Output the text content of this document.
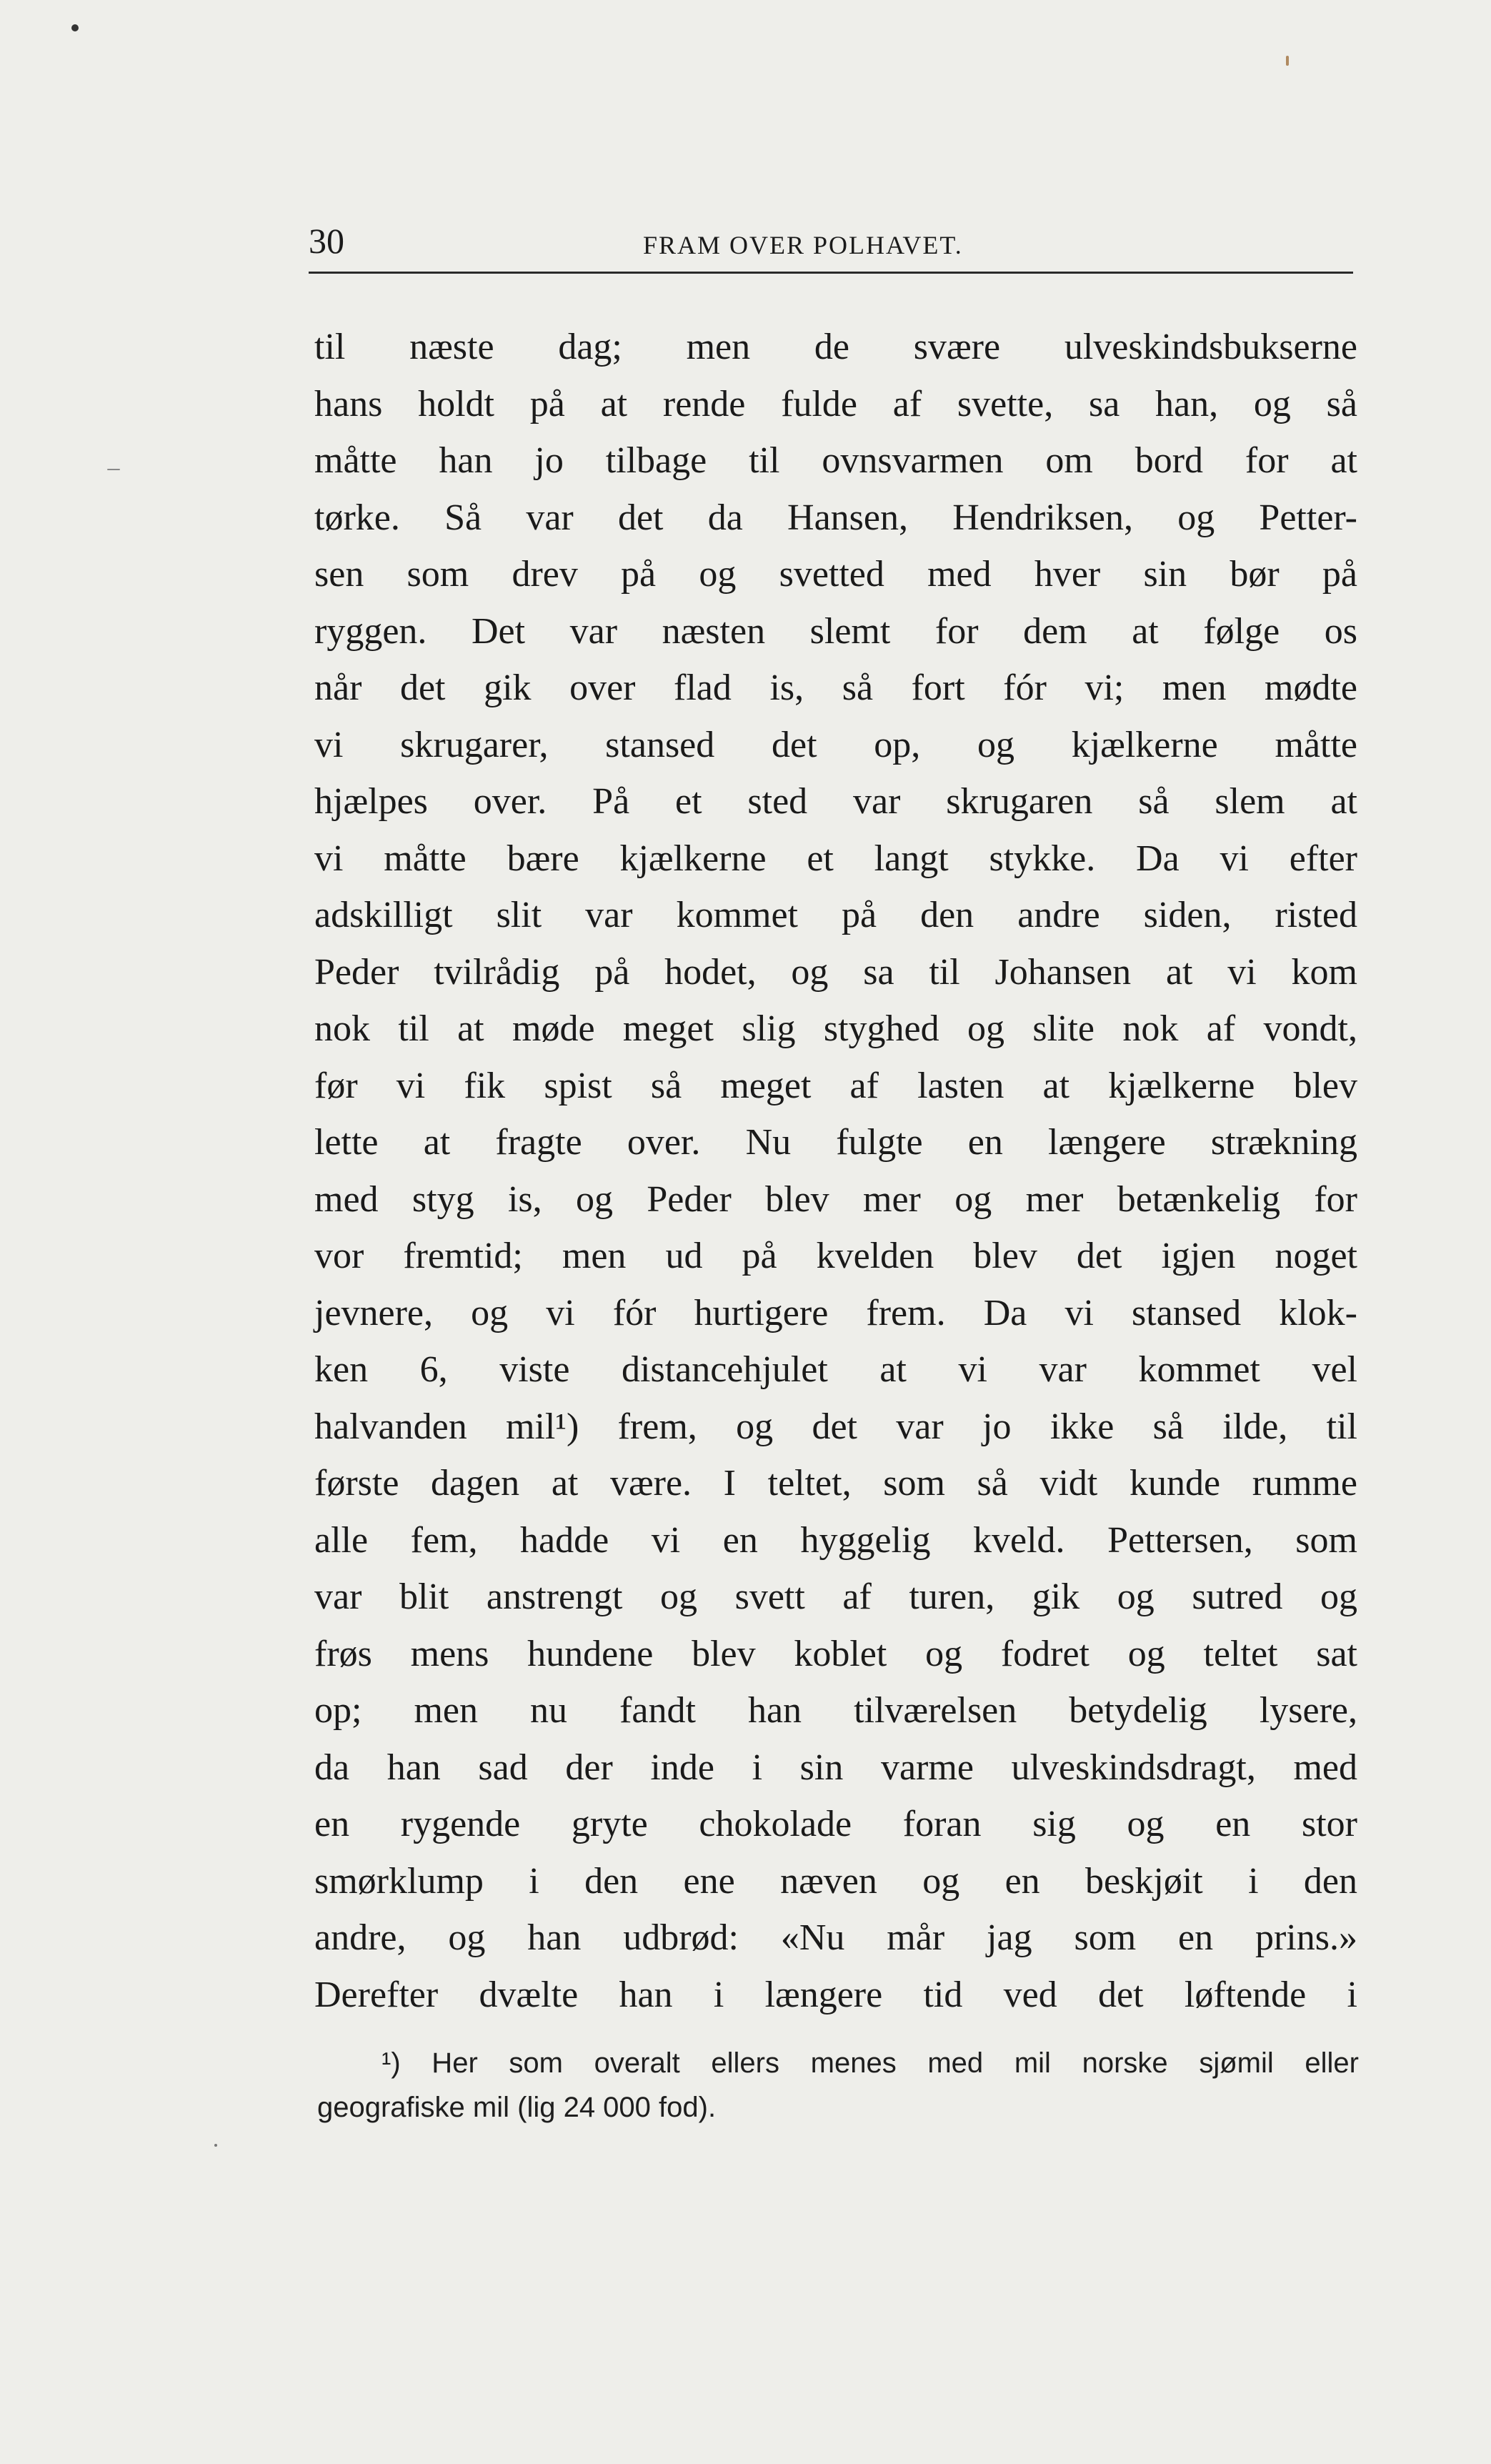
30	FRAM OVER POLHAVET.
til næste dag; men de svære ulveskindsbukserne
hans holdt på at rende fulde af svette, sa han, og så
måtte han jo tilbage til ovnsvarmen om bord for at
tørke. Så var det da Hansen, Hendriksen, og Petter-
sen som drev på og svetted med hver sin bør på
ryggen. Det var næsten slemt for dem at følge os
når det gik over flad is, så fort fór vi; men mødte
vi skrugarer, stansed det op, og kjælkerne måtte
hjælpes over. På et sted var skrugaren så slem at
vi måtte bære kjælkerne et langt stykke. Da vi efter
adskilligt slit var kommet på den andre siden, risted
Peder tvilrådig på hodet, og sa til Johansen at vi kom
nok til at møde meget slig styghed og slite nok af vondt,
før vi fik spist så meget af lasten at kjælkerne blev
lette at fragte over. Nu fulgte en længere strækning
med styg is, og Peder blev mer og mer betænkelig for
vor fremtid; men ud på kvelden blev det igjen noget
jevnere, og vi fór hurtigere frem. Da vi stansed klok-
ken 6, viste distancehjulet at vi var kommet vel
halvanden mil¹) frem, og det var jo ikke så ilde, til
første dagen at være. I teltet, som så vidt kunde rumme
alle fem, hadde vi en hyggelig kveld. Pettersen, som
var blit anstrengt og svett af turen, gik og sutred og
frøs mens hundene blev koblet og fodret og teltet sat
op; men nu fandt han tilværelsen betydelig lysere,
da han sad der inde i sin varme ulveskindsdragt, med
en rygende gryte chokolade foran sig og en stor
smørklump i den ene næven og en beskjøit i den
andre, og han udbrød: «Nu mår jag som en prins.»
Derefter dvælte han i længere tid ved det løftende i
¹) Her som overalt ellers menes med mil norske sjømil eller
geografiske mil (lig 24 000 fod).
